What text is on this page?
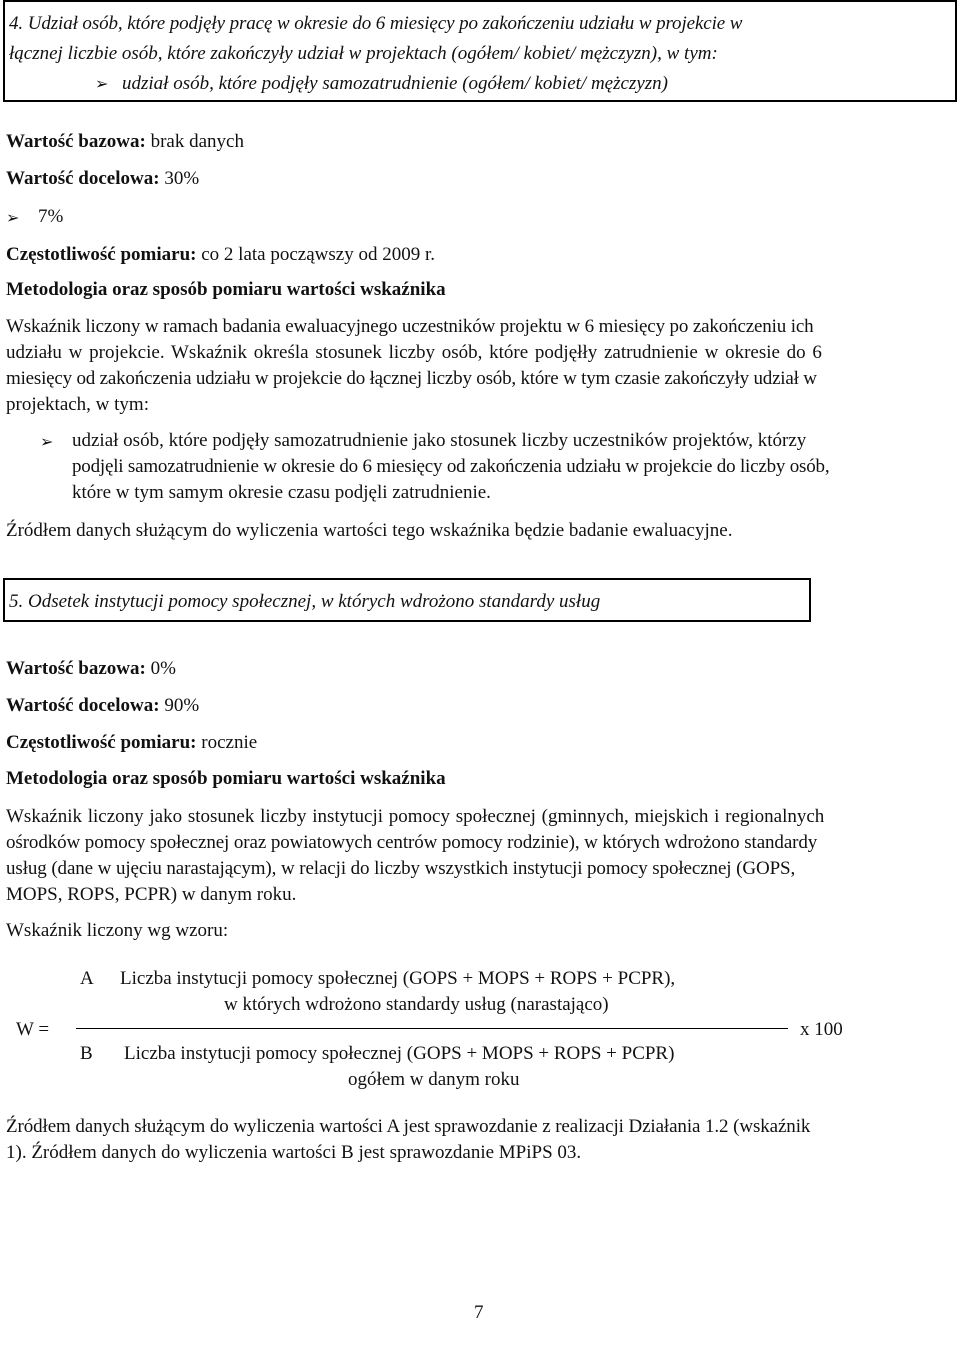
4. Udział osób, które podjęły pracę w okresie do 6 miesięcy po zakończeniu udziału w projekcie w
łącznej liczbie osób, które zakończyły udział w projektach (ogółem/ kobiet/ mężczyzn), w tym:
➢ udział osób, które podjęły samozatrudnienie (ogółem/ kobiet/ mężczyzn)
Wartość bazowa: brak danych
Wartość docelowa: 30%
➢ 7%
Częstotliwość pomiaru: co 2 lata począwszy od 2009 r.
Metodologia oraz sposób pomiaru wartości wskaźnika
Wskaźnik liczony w ramach badania ewaluacyjnego uczestników projektu w 6 miesięcy po zakończeniu ich
udziału w projekcie. Wskaźnik określa stosunek liczby osób, które podjęłły zatrudnienie w okresie do 6
miesięcy od zakończenia udziału w projekcie do łącznej liczby osób, które w tym czasie zakończyły udział w
projektach, w tym:
➢ udział osób, które podjęły samozatrudnienie jako stosunek liczby uczestników projektów, którzy
podjęli samozatrudnienie w okresie do 6 miesięcy od zakończenia udziału w projekcie do liczby osób,
które w tym samym okresie czasu podjęli zatrudnienie.
Źródłem danych służącym do wyliczenia wartości tego wskaźnika będzie badanie ewaluacyjne.
5. Odsetek instytucji pomocy społecznej, w których wdrożono standardy usług
Wartość bazowa: 0%
Wartość docelowa: 90%
Częstotliwość pomiaru: rocznie
Metodologia oraz sposób pomiaru wartości wskaźnika
Wskaźnik liczony jako stosunek liczby instytucji pomocy społecznej (gminnych, miejskich i regionalnych
ośrodków pomocy społecznej oraz powiatowych centrów pomocy rodzinie), w których wdrożono standardy
usług (dane w ujęciu narastającym), w relacji do liczby wszystkich instytucji pomocy społecznej (GOPS,
MOPS, ROPS, PCPR) w danym roku.
Wskaźnik liczony wg wzoru:
W =
A Liczba instytucji pomocy społecznej (GOPS + MOPS + ROPS + PCPR),
w których wdrożono standardy usług (narastająco)
x 100
B Liczba instytucji pomocy społecznej (GOPS + MOPS + ROPS + PCPR)
ogółem w danym roku
Źródłem danych służącym do wyliczenia wartości A jest sprawozdanie z realizacji Działania 1.2 (wskaźnik
1). Źródłem danych do wyliczenia wartości B jest sprawozdanie MPiPS 03.
7
